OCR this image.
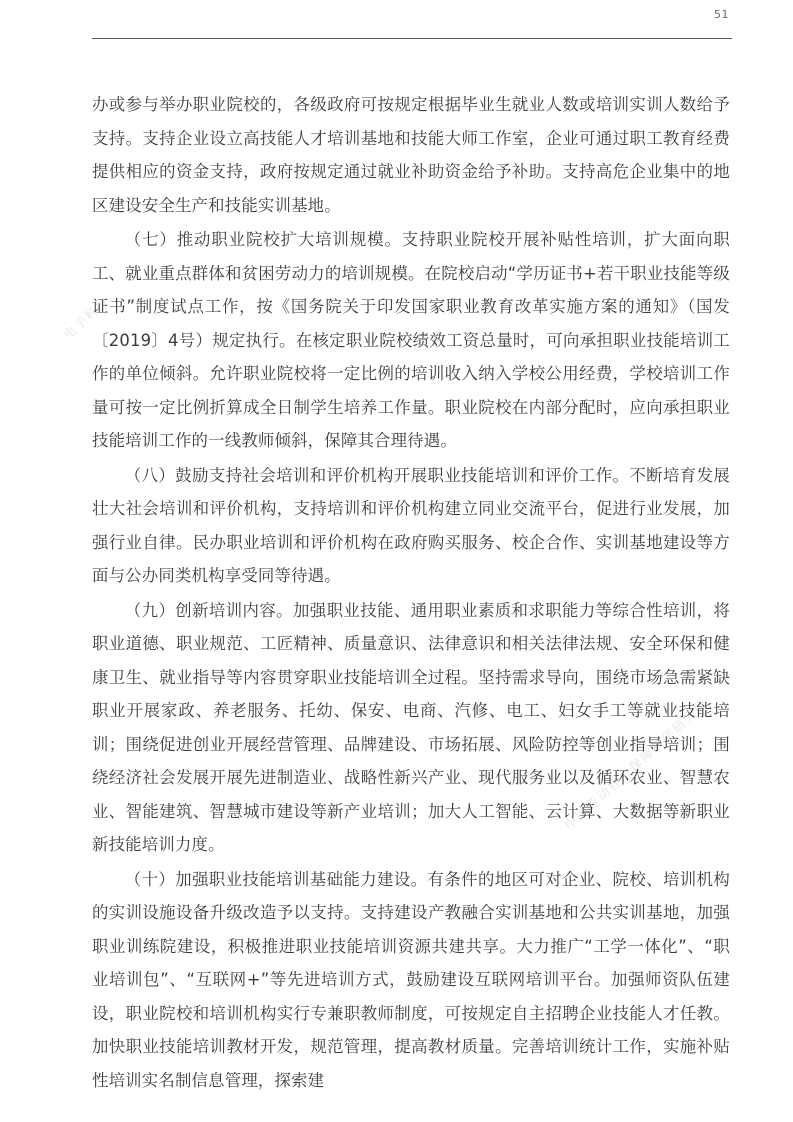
51
电子科技
中国劳动社会保障科学研究所

办或参与举办职业院校的，各级政府可按规定根据毕业生就业人数或培训实训人数给予支持。支持企业设立高技能人才培训基地和技能大师工作室，企业可通过职工教育经费提供相应的资金支持，政府按规定通过就业补助资金给予补助。支持高危企业集中的地区建设安全生产和技能实训基地。

（七）推动职业院校扩大培训规模。支持职业院校开展补贴性培训，扩大面向职工、就业重点群体和贫困劳动力的培训规模。在院校启动“学历证书+若干职业技能等级证书”制度试点工作，按《国务院关于印发国家职业教育改革实施方案的通知》（国发〔2019〕4号）规定执行。在核定职业院校绩效工资总量时，可向承担职业技能培训工作的单位倾斜。允许职业院校将一定比例的培训收入纳入学校公用经费，学校培训工作量可按一定比例折算成全日制学生培养工作量。职业院校在内部分配时，应向承担职业技能培训工作的一线教师倾斜，保障其合理待遇。

（八）鼓励支持社会培训和评价机构开展职业技能培训和评价工作。不断培育发展壮大社会培训和评价机构，支持培训和评价机构建立同业交流平台，促进行业发展，加强行业自律。民办职业培训和评价机构在政府购买服务、校企合作、实训基地建设等方面与公办同类机构享受同等待遇。

（九）创新培训内容。加强职业技能、通用职业素质和求职能力等综合性培训，将职业道德、职业规范、工匠精神、质量意识、法律意识和相关法律法规、安全环保和健康卫生、就业指导等内容贯穿职业技能培训全过程。坚持需求导向，围绕市场急需紧缺职业开展家政、养老服务、托幼、保安、电商、汽修、电工、妇女手工等就业技能培训；围绕促进创业开展经营管理、品牌建设、市场拓展、风险防控等创业指导培训；围绕经济社会发展开展先进制造业、战略性新兴产业、现代服务业以及循环农业、智慧农业、智能建筑、智慧城市建设等新产业培训；加大人工智能、云计算、大数据等新职业新技能培训力度。

（十）加强职业技能培训基础能力建设。有条件的地区可对企业、院校、培训机构的实训设施设备升级改造予以支持。支持建设产教融合实训基地和公共实训基地，加强职业训练院建设，积极推进职业技能培训资源共建共享。大力推广“工学一体化”、“职业培训包”、“互联网+”等先进培训方式，鼓励建设互联网培训平台。加强师资队伍建设，职业院校和培训机构实行专兼职教师制度，可按规定自主招聘企业技能人才任教。加快职业技能培训教材开发，规范管理，提高教材质量。完善培训统计工作，实施补贴性培训实名制信息管理，探索建
